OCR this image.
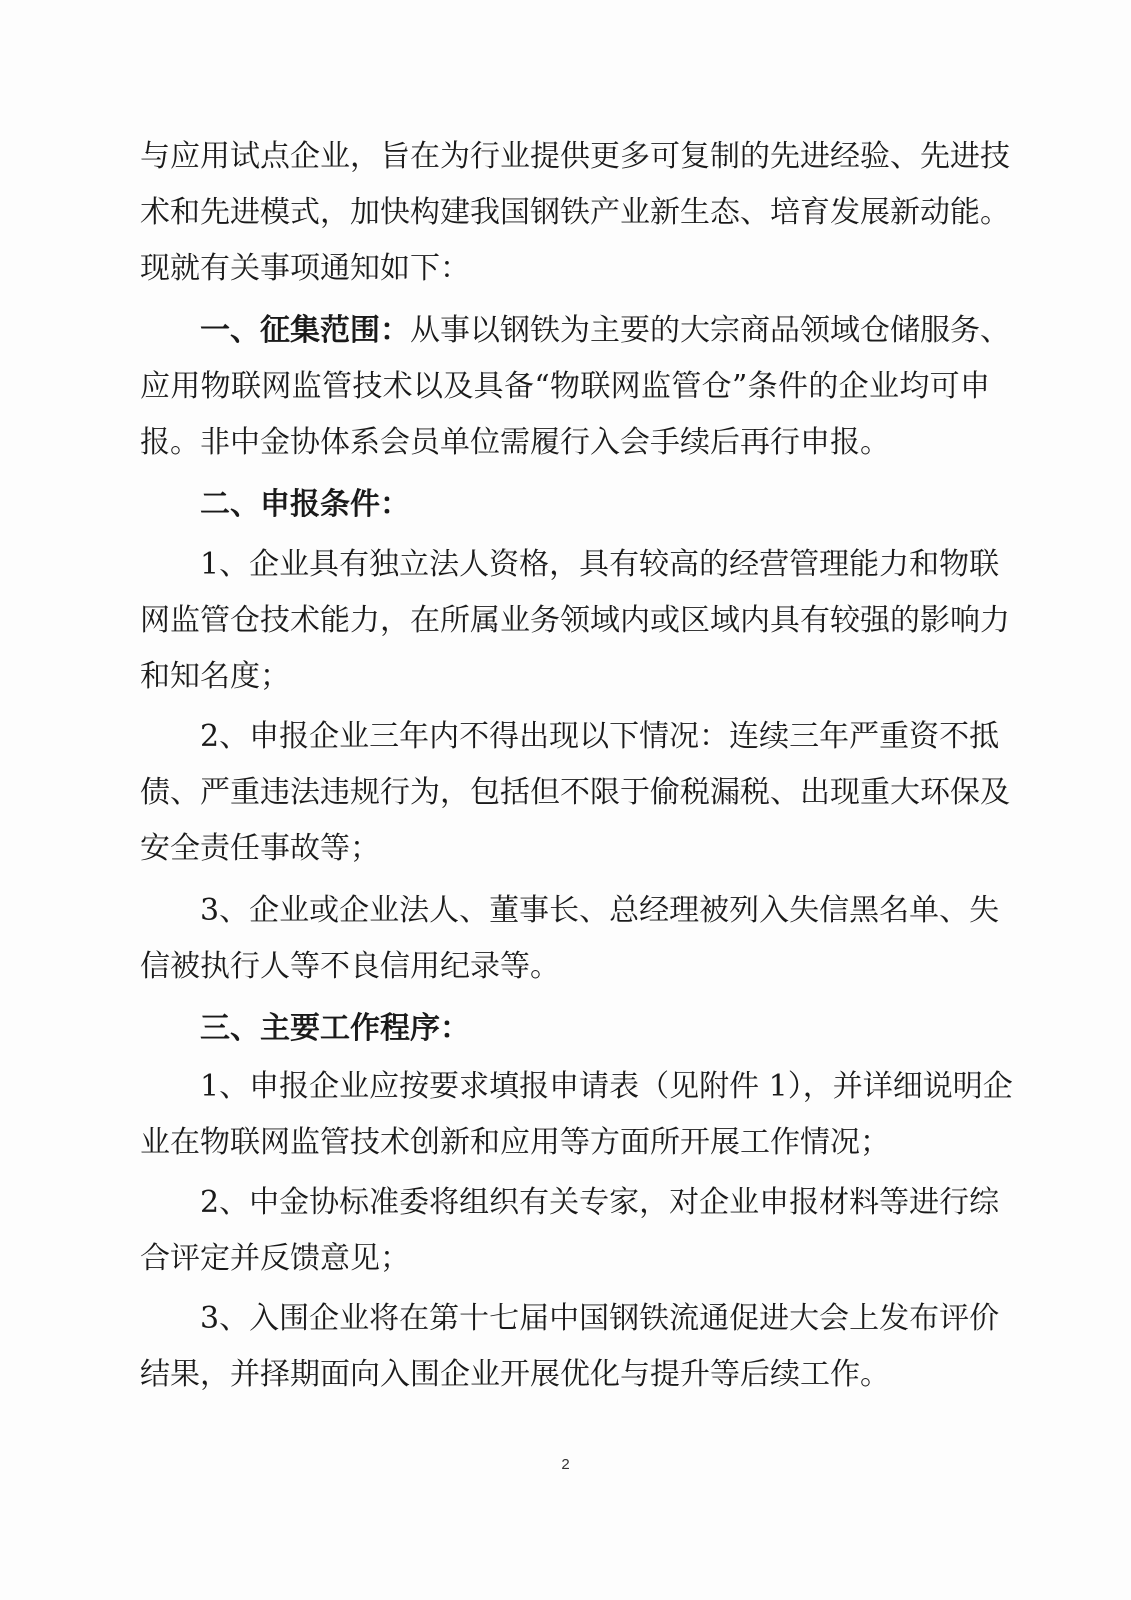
与应用试点企业，旨在为行业提供更多可复制的先进经验、先进技
术和先进模式，加快构建我国钢铁产业新生态、培育发展新动能。
现就有关事项通知如下：
一、征集范围：从事以钢铁为主要的大宗商品领域仓储服务、
应用物联网监管技术以及具备“物联网监管仓”条件的企业均可申
报。非中金协体系会员单位需履行入会手续后再行申报。
二、申报条件：
1、企业具有独立法人资格，具有较高的经营管理能力和物联
网监管仓技术能力，在所属业务领域内或区域内具有较强的影响力
和知名度；
2、申报企业三年内不得出现以下情况：连续三年严重资不抵
债、严重违法违规行为，包括但不限于偷税漏税、出现重大环保及
安全责任事故等；
3、企业或企业法人、董事长、总经理被列入失信黑名单、失
信被执行人等不良信用纪录等。
三、主要工作程序：
1、申报企业应按要求填报申请表（见附件 1），并详细说明企
业在物联网监管技术创新和应用等方面所开展工作情况；
2、中金协标准委将组织有关专家，对企业申报材料等进行综
合评定并反馈意见；
3、入围企业将在第十七届中国钢铁流通促进大会上发布评价
结果，并择期面向入围企业开展优化与提升等后续工作。
2
